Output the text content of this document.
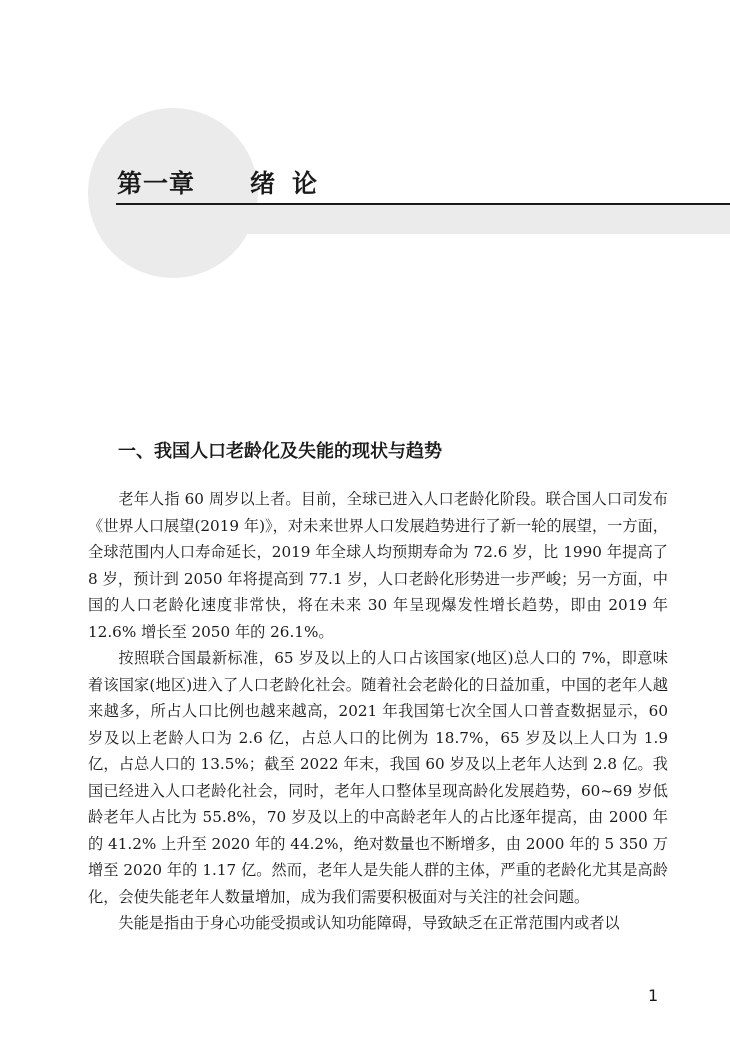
第一章 绪论
一、我国人口老龄化及失能的现状与趋势

老年人指 60 周岁以上者。目前，全球已进入人口老龄化阶段。联合国人口司发布《世界人口展望(2019 年)》，对未来世界人口发展趋势进行了新一轮的展望，一方面，全球范围内人口寿命延长，2019 年全球人均预期寿命为 72.6 岁，比 1990 年提高了 8 岁，预计到 2050 年将提高到 77.1 岁，人口老龄化形势进一步严峻；另一方面，中国的人口老龄化速度非常快，将在未来 30 年呈现爆发性增长趋势，即由 2019 年 12.6% 增长至 2050 年的 26.1%。

按照联合国最新标准，65 岁及以上的人口占该国家(地区)总人口的 7%，即意味着该国家(地区)进入了人口老龄化社会。随着社会老龄化的日益加重，中国的老年人越来越多，所占人口比例也越来越高，2021 年我国第七次全国人口普查数据显示，60 岁及以上老龄人口为 2.6 亿，占总人口的比例为 18.7%，65 岁及以上人口为 1.9 亿，占总人口的 13.5%；截至 2022 年末，我国 60 岁及以上老年人达到 2.8 亿。我国已经进入人口老龄化社会，同时，老年人口整体呈现高龄化发展趋势，60~69 岁低龄老年人占比为 55.8%，70 岁及以上的中高龄老年人的占比逐年提高，由 2000 年的 41.2% 上升至 2020 年的 44.2%，绝对数量也不断增多，由 2000 年的 5 350 万增至 2020 年的 1.17 亿。然而，老年人是失能人群的主体，严重的老龄化尤其是高龄化，会使失能老年人数量增加，成为我们需要积极面对与关注的社会问题。

失能是指由于身心功能受损或认知功能障碍，导致缺乏在正常范围内或者以

1
